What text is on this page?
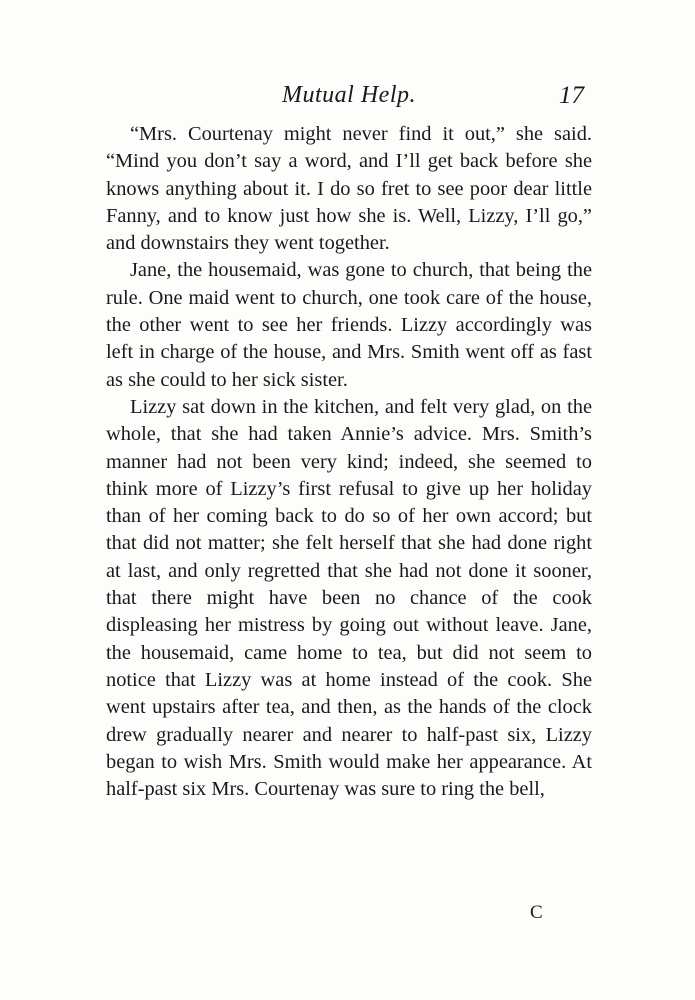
Mutual Help.	17

“Mrs. Courtenay might never find it out,” she said. “Mind you don’t say a word, and I’ll get back before she knows anything about it. I do so fret to see poor dear little Fanny, and to know just how she is. Well, Lizzy, I’ll go,” and downstairs they went together.

Jane, the housemaid, was gone to church, that being the rule. One maid went to church, one took care of the house, the other went to see her friends. Lizzy accordingly was left in charge of the house, and Mrs. Smith went off as fast as she could to her sick sister.

Lizzy sat down in the kitchen, and felt very glad, on the whole, that she had taken Annie’s advice. Mrs. Smith’s manner had not been very kind; indeed, she seemed to think more of Lizzy’s first refusal to give up her holiday than of her coming back to do so of her own accord; but that did not matter; she felt herself that she had done right at last, and only regretted that she had not done it sooner, that there might have been no chance of the cook displeasing her mistress by going out without leave. Jane, the housemaid, came home to tea, but did not seem to notice that Lizzy was at home instead of the cook. She went upstairs after tea, and then, as the hands of the clock drew gradually nearer and nearer to half-past six, Lizzy began to wish Mrs. Smith would make her appearance. At half-past six Mrs. Courtenay was sure to ring the bell,

C
